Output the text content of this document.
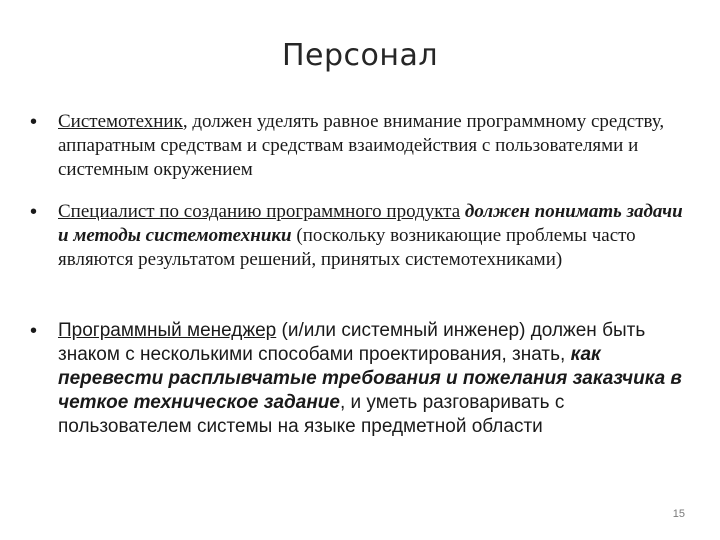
Персонал
• Системотехник, должен уделять равное внимание программному средству, аппаратным средствам и средствам взаимодействия с пользователями и системным окружением
• Специалист по созданию программного продукта должен понимать задачи и методы системотехники (поскольку возникающие проблемы часто являются результатом решений, принятых системотехниками)
• Программный менеджер (и/или системный инженер) должен быть знаком с несколькими способами проектирования, знать, как перевести расплывчатые требования и пожелания заказчика в четкое техническое задание, и уметь разговаривать с пользователем системы на языке предметной области
15
